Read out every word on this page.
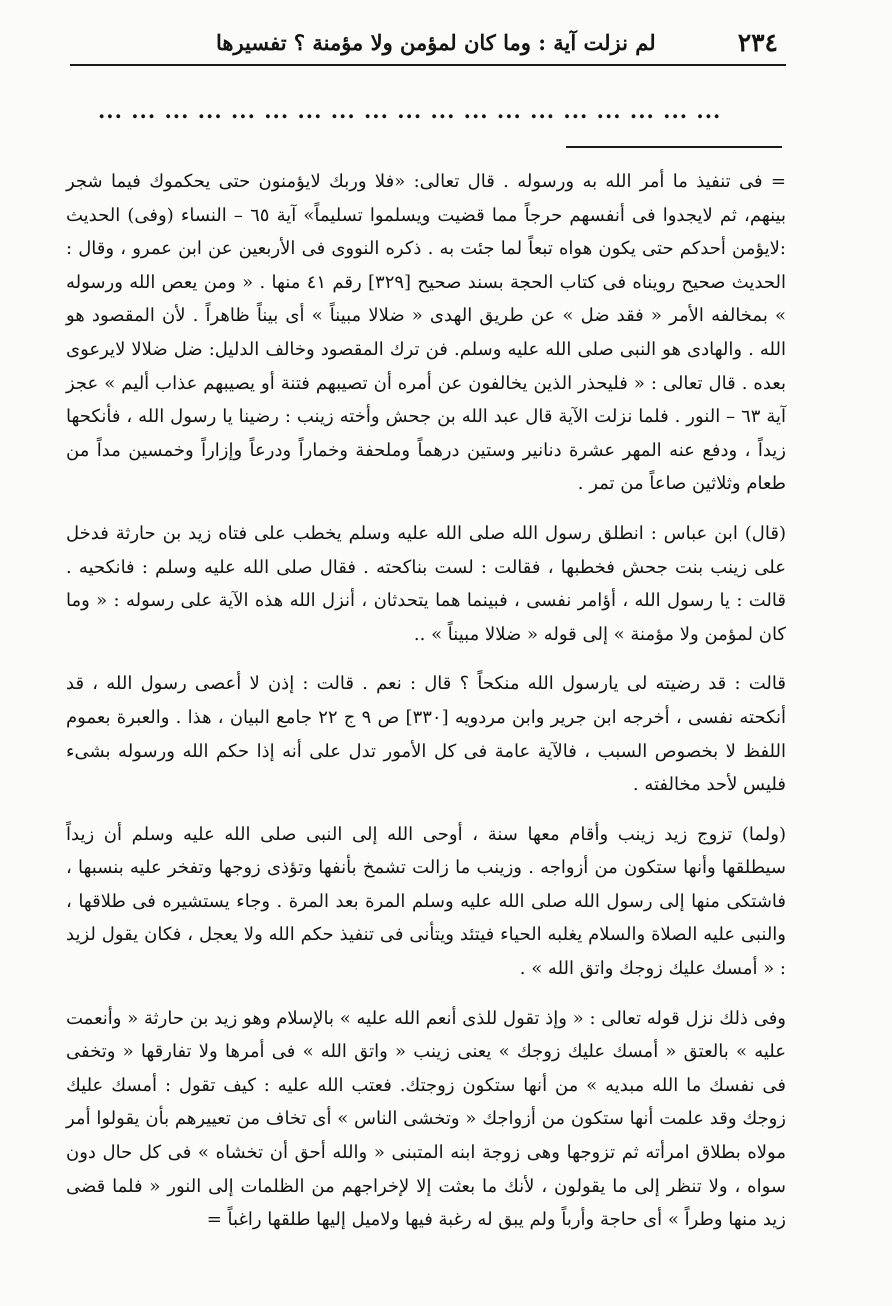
٢٣٤
لم نزلت آية : وما كان لمؤمن ولا مؤمنة ؟ تفسيرها
... ... ... ... ... ... ... ... ... ... ... ... ... ... ... ... ... ... ...

= فى تنفيذ ما أمر الله به ورسوله . قال تعالى: «فلا وربك لايؤمنون حتى يحكموك فيما شجر بينهم، ثم لايجدوا فى أنفسهم حرجاً مما قضيت ويسلموا تسليماً» آية ٦٥ – النساء (وفى) الحديث :لايؤمن أحدكم حتى يكون هواه تبعاً لما جئت به . ذكره النووى فى الأربعين عن ابن عمرو ، وقال : الحديث صحيح رويناه فى كتاب الحجة بسند صحيح [٣٢٩] رقم ٤١ منها . « ومن يعص الله ورسوله » بمخالفه الأمر « فقد ضل » عن طريق الهدى « ضلالا مبيناً » أى بيناً ظاهراً . لأن المقصود هو الله . والهادى هو النبى صلى الله عليه وسلم. فن ترك المقصود وخالف الدليل: ضل ضلالا لايرعوى بعده . قال تعالى : « فليحذر الذين يخالفون عن أمره أن تصيبهم فتنة أو يصيبهم عذاب أليم » عجز آية ٦٣ – النور . فلما نزلت الآية قال عبد الله بن جحش وأخته زينب : رضينا يا رسول الله ، فأنكحها زيداً ، ودفع عنه المهر عشرة دنانير وستين درهماً وملحفة وخماراً ودرعاً وإزاراً وخمسين مداً من طعام وثلاثين صاعاً من تمر .

(قال) ابن عباس : انطلق رسول الله صلى الله عليه وسلم يخطب على فتاه زيد بن حارثة فدخل على زينب بنت جحش فخطبها ، فقالت : لست بناكحته . فقال صلى الله عليه وسلم : فانكحيه . قالت : يا رسول الله ، أؤامر نفسى ، فبينما هما يتحدثان ، أنزل الله هذه الآية على رسوله : « وما كان لمؤمن ولا مؤمنة » إلى قوله « ضلالا مبيناً » ..

قالت : قد رضيته لى يارسول الله منكحاً ؟ قال : نعم . قالت : إذن لا أعصى رسول الله ، قد أنكحته نفسى ، أخرجه ابن جرير وابن مردويه [٣٣٠] ص ٩ ج ٢٢ جامع البيان ، هذا . والعبرة بعموم اللفظ لا بخصوص السبب ، فالآية عامة فى كل الأمور تدل على أنه إذا حكم الله ورسوله بشىء فليس لأحد مخالفته .

(ولما) تزوج زيد زينب وأقام معها سنة ، أوحى الله إلى النبى صلى الله عليه وسلم أن زيداً سيطلقها وأنها ستكون من أزواجه . وزينب ما زالت تشمخ بأنفها وتؤذى زوجها وتفخر عليه بنسبها ، فاشتكى منها إلى رسول الله صلى الله عليه وسلم المرة بعد المرة . وجاء يستشيره فى طلاقها ، والنبى عليه الصلاة والسلام يغلبه الحياء فيتئد ويتأنى فى تنفيذ حكم الله ولا يعجل ، فكان يقول لزيد : « أمسك عليك زوجك واتق الله » .

وفى ذلك نزل قوله تعالى : « وإذ تقول للذى أنعم الله عليه » بالإسلام وهو زيد بن حارثة « وأنعمت عليه » بالعتق « أمسك عليك زوجك » يعنى زينب « واتق الله » فى أمرها ولا تفارقها « وتخفى فى نفسك ما الله مبديه » من أنها ستكون زوجتك. فعتب الله عليه : كيف تقول : أمسك عليك زوجك وقد علمت أنها ستكون من أزواجك « وتخشى الناس » أى تخاف من تعييرهم بأن يقولوا أمر مولاه بطلاق امرأته ثم تزوجها وهى زوجة ابنه المتبنى « والله أحق أن تخشاه » فى كل حال دون سواه ، ولا تنظر إلى ما يقولون ، لأنك ما بعثت إلا لإخراجهم من الظلمات إلى النور « فلما قضى زيد منها وطراً » أى حاجة وأرباً ولم يبق له رغبة فيها ولاميل إليها طلقها راغباً =
